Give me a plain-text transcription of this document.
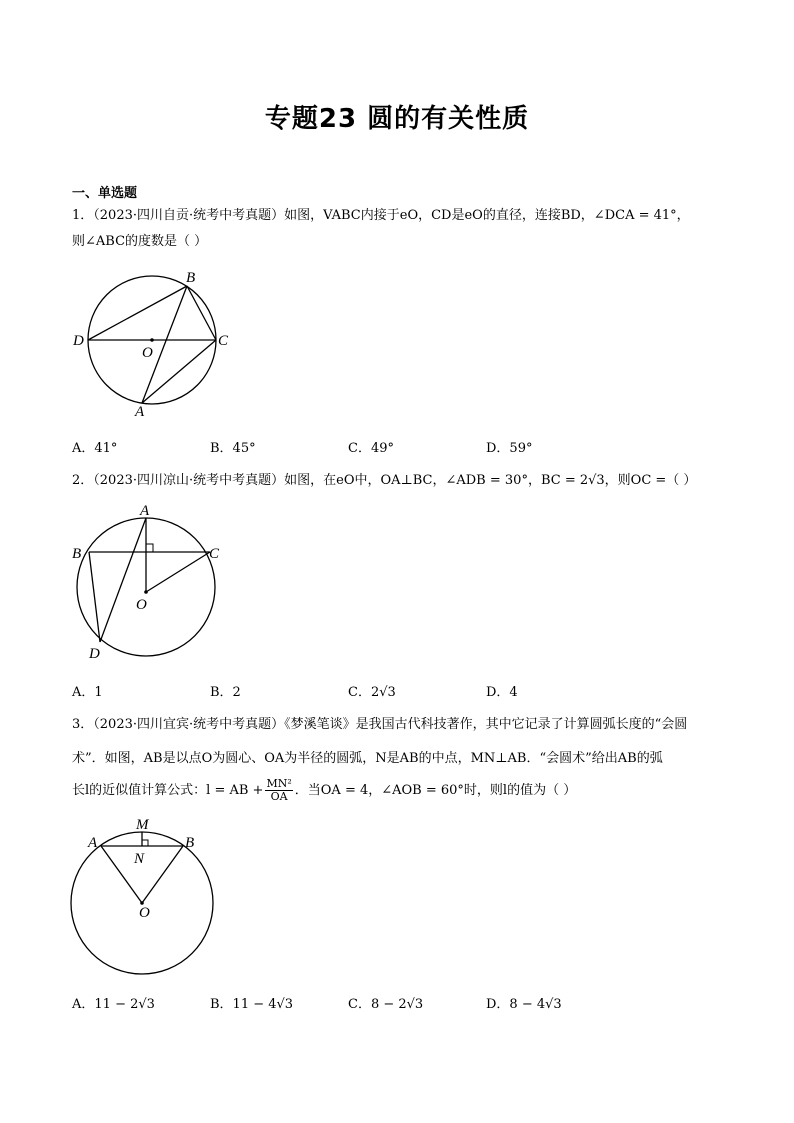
专题23 圆的有关性质
一、单选题
1．（2023·四川自贡·统考中考真题）如图，VABC内接于eO，CD是eO的直径，连接BD，∠DCA = 41°，
则∠ABC的度数是（ ）
B
D
O
C
A
A．41°	B．45°	C．49°	D．59°
2．（2023·四川凉山·统考中考真题）如图，在eO中，OA⊥BC，∠ADB = 30°，BC = 2√3，则OC =（ ）
A
B	C
O
D
A．1	B．2	C．2√3	D．4
3．（2023·四川宜宾·统考中考真题）《梦溪笔谈》是我国古代科技著作，其中它记录了计算圆弧长度的“会圆
术”．如图，AB是以点O为圆心、OA为半径的圆弧，N是AB的中点，MN⊥AB．“会圆术”给出AB的弧
长l的近似值计算公式：l = AB + $\frac{\text{MN²}}{OA}$ ．当OA = 4，∠AOB = 60°时，则l的值为（ ）
M
A	B
N
O
A．11 − 2√3	B．11 − 4√3	C．8 − 2√3	D．8 − 4√3
